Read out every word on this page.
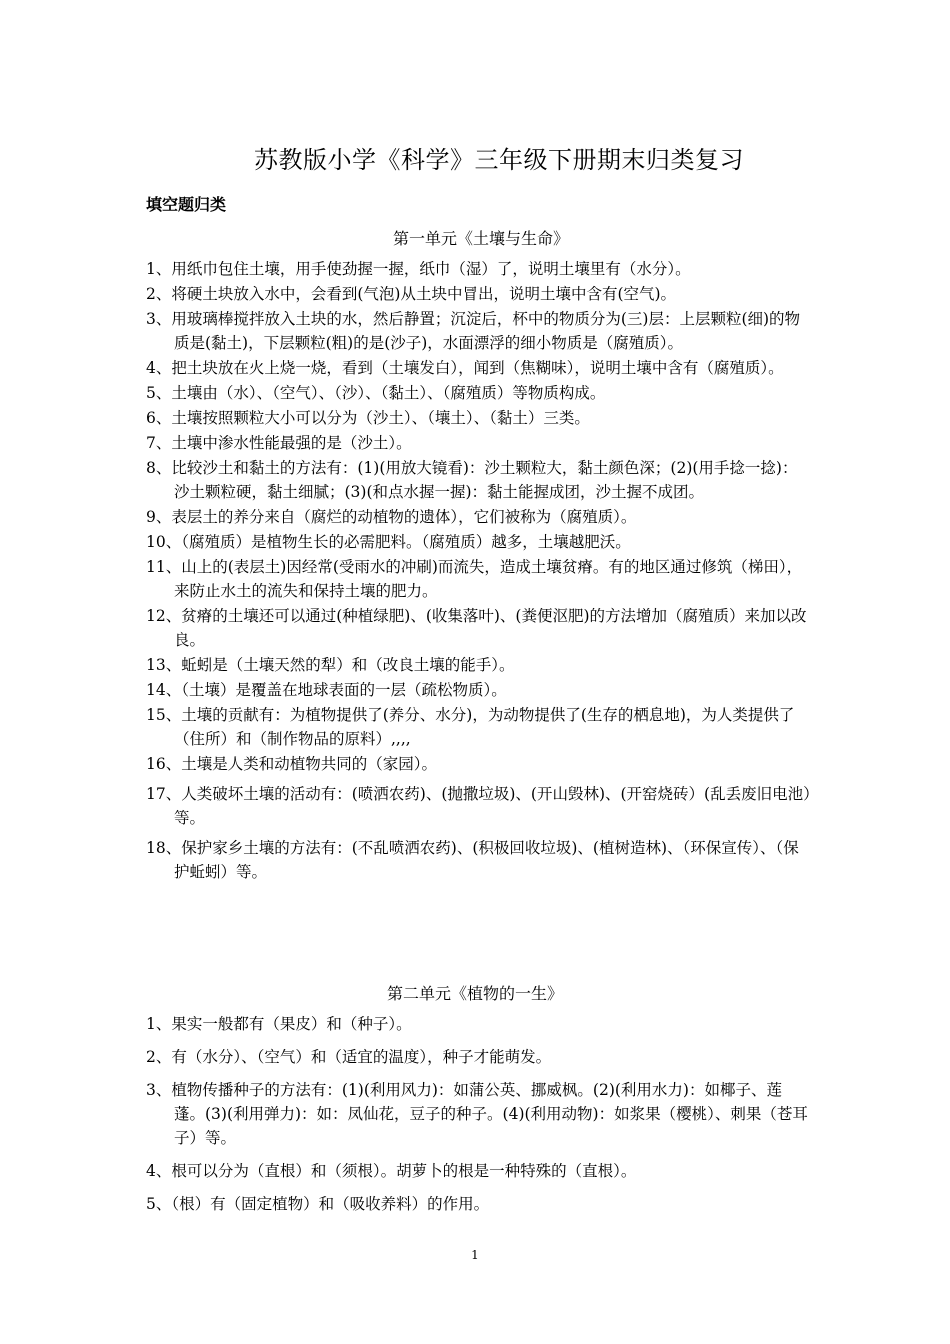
苏教版小学《科学》三年级下册期末归类复习
填空题归类
第一单元《土壤与生命》

1、用纸巾包住土壤，用手使劲握一握，纸巾（湿）了，说明土壤里有（水分）。

2、将硬土块放入水中，会看到(气泡)从土块中冒出，说明土壤中含有(空气)。

3、用玻璃棒搅拌放入土块的水，然后静置；沉淀后，杯中的物质分为(三)层：上层颗粒(细)的物质是(黏土)，下层颗粒(粗)的是(沙子)，水面漂浮的细小物质是（腐殖质）。

4、把土块放在火上烧一烧，看到（土壤发白），闻到（焦糊味），说明土壤中含有（腐殖质）。

5、土壤由（水）、（空气）、（沙）、（黏土）、（腐殖质）等物质构成。

6、土壤按照颗粒大小可以分为（沙土）、（壤土）、（黏土）三类。

7、土壤中渗水性能最强的是（沙土）。

8、比较沙土和黏土的方法有：(1)(用放大镜看)：沙土颗粒大，黏土颜色深；(2)(用手捻一捻)：沙土颗粒硬，黏土细腻；(3)(和点水握一握)：黏土能握成团，沙土握不成团。

9、表层土的养分来自（腐烂的动植物的遗体），它们被称为（腐殖质）。

10、（腐殖质）是植物生长的必需肥料。（腐殖质）越多，土壤越肥沃。

11、山上的(表层土)因经常(受雨水的冲刷)而流失，造成土壤贫瘠。有的地区通过修筑（梯田），来防止水土的流失和保持土壤的肥力。

12、贫瘠的土壤还可以通过(种植绿肥)、(收集落叶)、(粪便沤肥)的方法增加（腐殖质）来加以改良。

13、蚯蚓是（土壤天然的犁）和（改良土壤的能手）。

14、（土壤）是覆盖在地球表面的一层（疏松物质）。

15、土壤的贡献有：为植物提供了(养分、水分)，为动物提供了(生存的栖息地)，为人类提供了（住所）和（制作物品的原料）,,,,

16、土壤是人类和动植物共同的（家园）。

17、人类破坏土壤的活动有：(喷洒农药)、(抛撒垃圾)、(开山毁林)、(开窑烧砖）(乱丢废旧电池）等。

18、保护家乡土壤的方法有：(不乱喷洒农药)、(积极回收垃圾)、(植树造林)、（环保宣传）、（保护蚯蚓）等。

第二单元《植物的一生》

1、果实一般都有（果皮）和（种子）。

2、有（水分）、（空气）和（适宜的温度），种子才能萌发。

3、植物传播种子的方法有：(1)(利用风力)：如蒲公英、挪威枫。(2)(利用水力)：如椰子、莲蓬。(3)(利用弹力)：如：凤仙花，豆子的种子。(4)(利用动物)：如浆果（樱桃）、刺果（苍耳子）等。

4、根可以分为（直根）和（须根）。胡萝卜的根是一种特殊的（直根）。

5、（根）有（固定植物）和（吸收养料）的作用。

1
